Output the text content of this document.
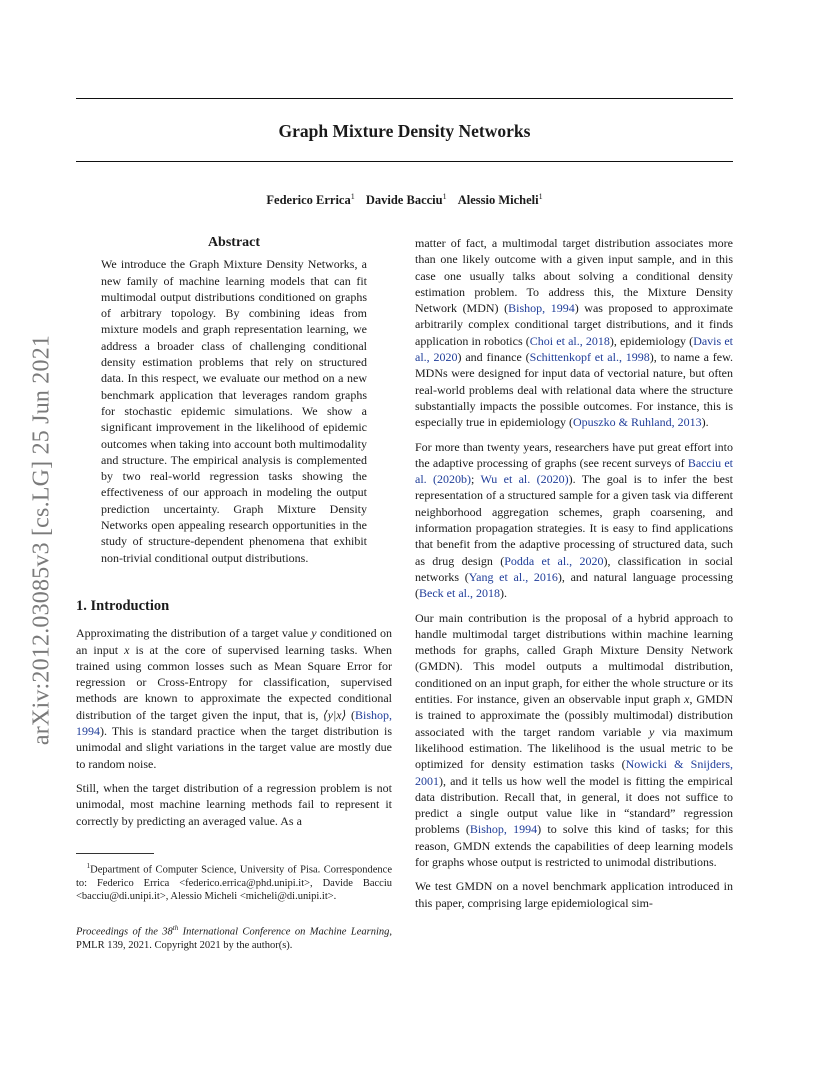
Graph Mixture Density Networks
Federico Errica$^1$ Davide Bacciu$^1$ Alessio Micheli$^1$
arXiv:2012.03085v3 [cs.LG] 25 Jun 2021
Abstract
We introduce the Graph Mixture Density Networks, a new family of machine learning models that can fit multimodal output distributions conditioned on graphs of arbitrary topology. By combining ideas from mixture models and graph representation learning, we address a broader class of challenging conditional density estimation problems that rely on structured data. In this respect, we evaluate our method on a new benchmark application that leverages random graphs for stochastic epidemic simulations. We show a significant improvement in the likelihood of epidemic outcomes when taking into account both multimodality and structure. The empirical analysis is complemented by two real-world regression tasks showing the effectiveness of our approach in modeling the output prediction uncertainty. Graph Mixture Density Networks open appealing research opportunities in the study of structure-dependent phenomena that exhibit non-trivial conditional output distributions.
1. Introduction

Approximating the distribution of a target value y conditioned on an input x is at the core of supervised learning tasks. When trained using common losses such as Mean Square Error for regression or Cross-Entropy for classification, supervised methods are known to approximate the expected conditional distribution of the target given the input, that is, ⟨y|x⟩ (Bishop, 1994). This is standard practice when the target distribution is unimodal and slight variations in the target value are mostly due to random noise.

Still, when the target distribution of a regression problem is not unimodal, most machine learning methods fail to represent it correctly by predicting an averaged value. As a

$^1$Department of Computer Science, University of Pisa. Correspondence to: Federico Errica <federico.errica@phd.unipi.it>, Davide Bacciu <bacciu@di.unipi.it>, Alessio Micheli <micheli@di.unipi.it>.

Proceedings of the 38th International Conference on Machine Learning, PMLR 139, 2021. Copyright 2021 by the author(s).

matter of fact, a multimodal target distribution associates more than one likely outcome with a given input sample, and in this case one usually talks about solving a conditional density estimation problem. To address this, the Mixture Density Network (MDN) (Bishop, 1994) was proposed to approximate arbitrarily complex conditional target distributions, and it finds application in robotics (Choi et al., 2018), epidemiology (Davis et al., 2020) and finance (Schittenkopf et al., 1998), to name a few. MDNs were designed for input data of vectorial nature, but often real-world problems deal with relational data where the structure substantially impacts the possible outcomes. For instance, this is especially true in epidemiology (Opuszko & Ruhland, 2013).

For more than twenty years, researchers have put great effort into the adaptive processing of graphs (see recent surveys of Bacciu et al. (2020b); Wu et al. (2020)). The goal is to infer the best representation of a structured sample for a given task via different neighborhood aggregation schemes, graph coarsening, and information propagation strategies. It is easy to find applications that benefit from the adaptive processing of structured data, such as drug design (Podda et al., 2020), classification in social networks (Yang et al., 2016), and natural language processing (Beck et al., 2018).

Our main contribution is the proposal of a hybrid approach to handle multimodal target distributions within machine learning methods for graphs, called Graph Mixture Density Network (GMDN). This model outputs a multimodal distribution, conditioned on an input graph, for either the whole structure or its entities. For instance, given an observable input graph x, GMDN is trained to approximate the (possibly multimodal) distribution associated with the target random variable y via maximum likelihood estimation. The likelihood is the usual metric to be optimized for density estimation tasks (Nowicki & Snijders, 2001), and it tells us how well the model is fitting the empirical data distribution. Recall that, in general, it does not suffice to predict a single output value like in “standard” regression problems (Bishop, 1994) to solve this kind of tasks; for this reason, GMDN extends the capabilities of deep learning models for graphs whose output is restricted to unimodal distributions.

We test GMDN on a novel benchmark application introduced in this paper, comprising large epidemiological sim-
